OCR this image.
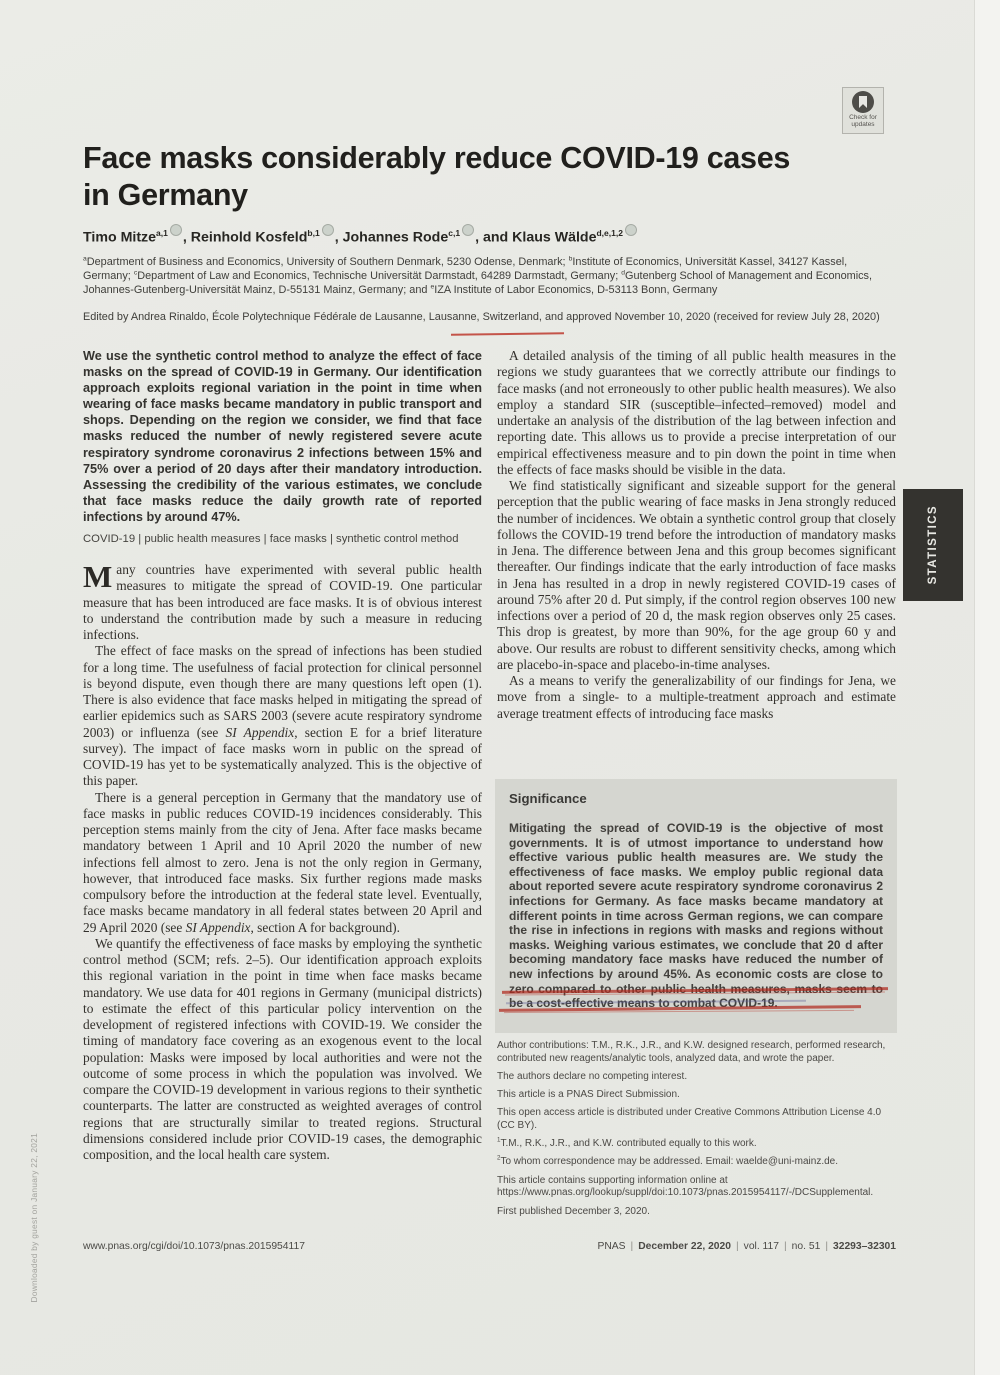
Check for updates
Face masks considerably reduce COVID-19 cases
in Germany
Timo Mitze$^{a,1}$ , Reinhold Kosfeld$^{b,1}$ , Johannes Rode$^{c,1}$ , and Klaus Wälde$^{d,e,1,2}$
$^a$Department of Business and Economics, University of Southern Denmark, 5230 Odense, Denmark; $^b$Institute of Economics, Universität Kassel, 34127 Kassel, Germany; $^c$Department of Law and Economics, Technische Universität Darmstadt, 64289 Darmstadt, Germany; $^d$Gutenberg School of Management and Economics, Johannes-Gutenberg-Universität Mainz, D-55131 Mainz, Germany; and $^e$IZA Institute of Labor Economics, D-53113 Bonn, Germany
Edited by Andrea Rinaldo, École Polytechnique Fédérale de Lausanne, Lausanne, Switzerland, and approved November 10, 2020 (received for review July 28, 2020)
We use the synthetic control method to analyze the effect of face masks on the spread of COVID-19 in Germany. Our identification approach exploits regional variation in the point in time when wearing of face masks became mandatory in public transport and shops. Depending on the region we consider, we find that face masks reduced the number of newly registered severe acute respiratory syndrome coronavirus 2 infections between 15% and 75% over a period of 20 days after their mandatory introduction. Assessing the credibility of the various estimates, we conclude that face masks reduce the daily growth rate of reported infections by around 47%.
COVID-19 | public health measures | face masks | synthetic control method

Many countries have experimented with several public health measures to mitigate the spread of COVID-19. One particular measure that has been introduced are face masks. It is of obvious interest to understand the contribution made by such a measure in reducing infections.

The effect of face masks on the spread of infections has been studied for a long time. The usefulness of facial protection for clinical personnel is beyond dispute, even though there are many questions left open (1). There is also evidence that face masks helped in mitigating the spread of earlier epidemics such as SARS 2003 (severe acute respiratory syndrome 2003) or influenza (see SI Appendix, section E for a brief literature survey). The impact of face masks worn in public on the spread of COVID-19 has yet to be systematically analyzed. This is the objective of this paper.

There is a general perception in Germany that the mandatory use of face masks in public reduces COVID-19 incidences considerably. This perception stems mainly from the city of Jena. After face masks became mandatory between 1 April and 10 April 2020 the number of new infections fell almost to zero. Jena is not the only region in Germany, however, that introduced face masks. Six further regions made masks compulsory before the introduction at the federal state level. Eventually, face masks became mandatory in all federal states between 20 April and 29 April 2020 (see SI Appendix, section A for background).

We quantify the effectiveness of face masks by employing the synthetic control method (SCM; refs. 2–5). Our identification approach exploits this regional variation in the point in time when face masks became mandatory. We use data for 401 regions in Germany (municipal districts) to estimate the effect of this particular policy intervention on the development of registered infections with COVID-19. We consider the timing of mandatory face covering as an exogenous event to the local population: Masks were imposed by local authorities and were not the outcome of some process in which the population was involved. We compare the COVID-19 development in various regions to their synthetic counterparts. The latter are constructed as weighted averages of control regions that are structurally similar to treated regions. Structural dimensions considered include prior COVID-19 cases, the demographic composition, and the local health care system.

A detailed analysis of the timing of all public health measures in the regions we study guarantees that we correctly attribute our findings to face masks (and not erroneously to other public health measures). We also employ a standard SIR (susceptible–infected–removed) model and undertake an analysis of the distribution of the lag between infection and reporting date. This allows us to provide a precise interpretation of our empirical effectiveness measure and to pin down the point in time when the effects of face masks should be visible in the data.

We find statistically significant and sizeable support for the general perception that the public wearing of face masks in Jena strongly reduced the number of incidences. We obtain a synthetic control group that closely follows the COVID-19 trend before the introduction of mandatory masks in Jena. The difference between Jena and this group becomes significant thereafter. Our findings indicate that the early introduction of face masks in Jena has resulted in a drop in newly registered COVID-19 cases of around 75% after 20 d. Put simply, if the control region observes 100 new infections over a period of 20 d, the mask region observes only 25 cases. This drop is greatest, by more than 90%, for the age group 60 y and above. Our results are robust to different sensitivity checks, among which are placebo-in-space and placebo-in-time analyses.

As a means to verify the generalizability of our findings for Jena, we move from a single- to a multiple-treatment approach and estimate average treatment effects of introducing face masks

Significance
Mitigating the spread of COVID-19 is the objective of most governments. It is of utmost importance to understand how effective various public health measures are. We study the effectiveness of face masks. We employ public regional data about reported severe acute respiratory syndrome coronavirus 2 infections for Germany. As face masks became mandatory at different points in time across German regions, we can compare the rise in infections in regions with masks and regions without masks. Weighing various estimates, we conclude that 20 d after becoming mandatory face masks have reduced the number of new infections by around 45%. As economic costs are close to zero compared to other public health measures, masks seem to be a cost-effective means to combat COVID-19.

Author contributions: T.M., R.K., J.R., and K.W. designed research, performed research, contributed new reagents/analytic tools, analyzed data, and wrote the paper.

The authors declare no competing interest.

This article is a PNAS Direct Submission.

This open access article is distributed under Creative Commons Attribution License 4.0 (CC BY).

$^1$T.M., R.K., J.R., and K.W. contributed equally to this work.

$^2$To whom correspondence may be addressed. Email: waelde@uni-mainz.de.

This article contains supporting information online at https://www.pnas.org/lookup/suppl/doi:10.1073/pnas.2015954117/-/DCSupplemental.

First published December 3, 2020.

www.pnas.org/cgi/doi/10.1073/pnas.2015954117	PNAS | December 22, 2020 | vol. 117 | no. 51 | 32293–32301
STATISTICS
Downloaded by guest on January 22, 2021
